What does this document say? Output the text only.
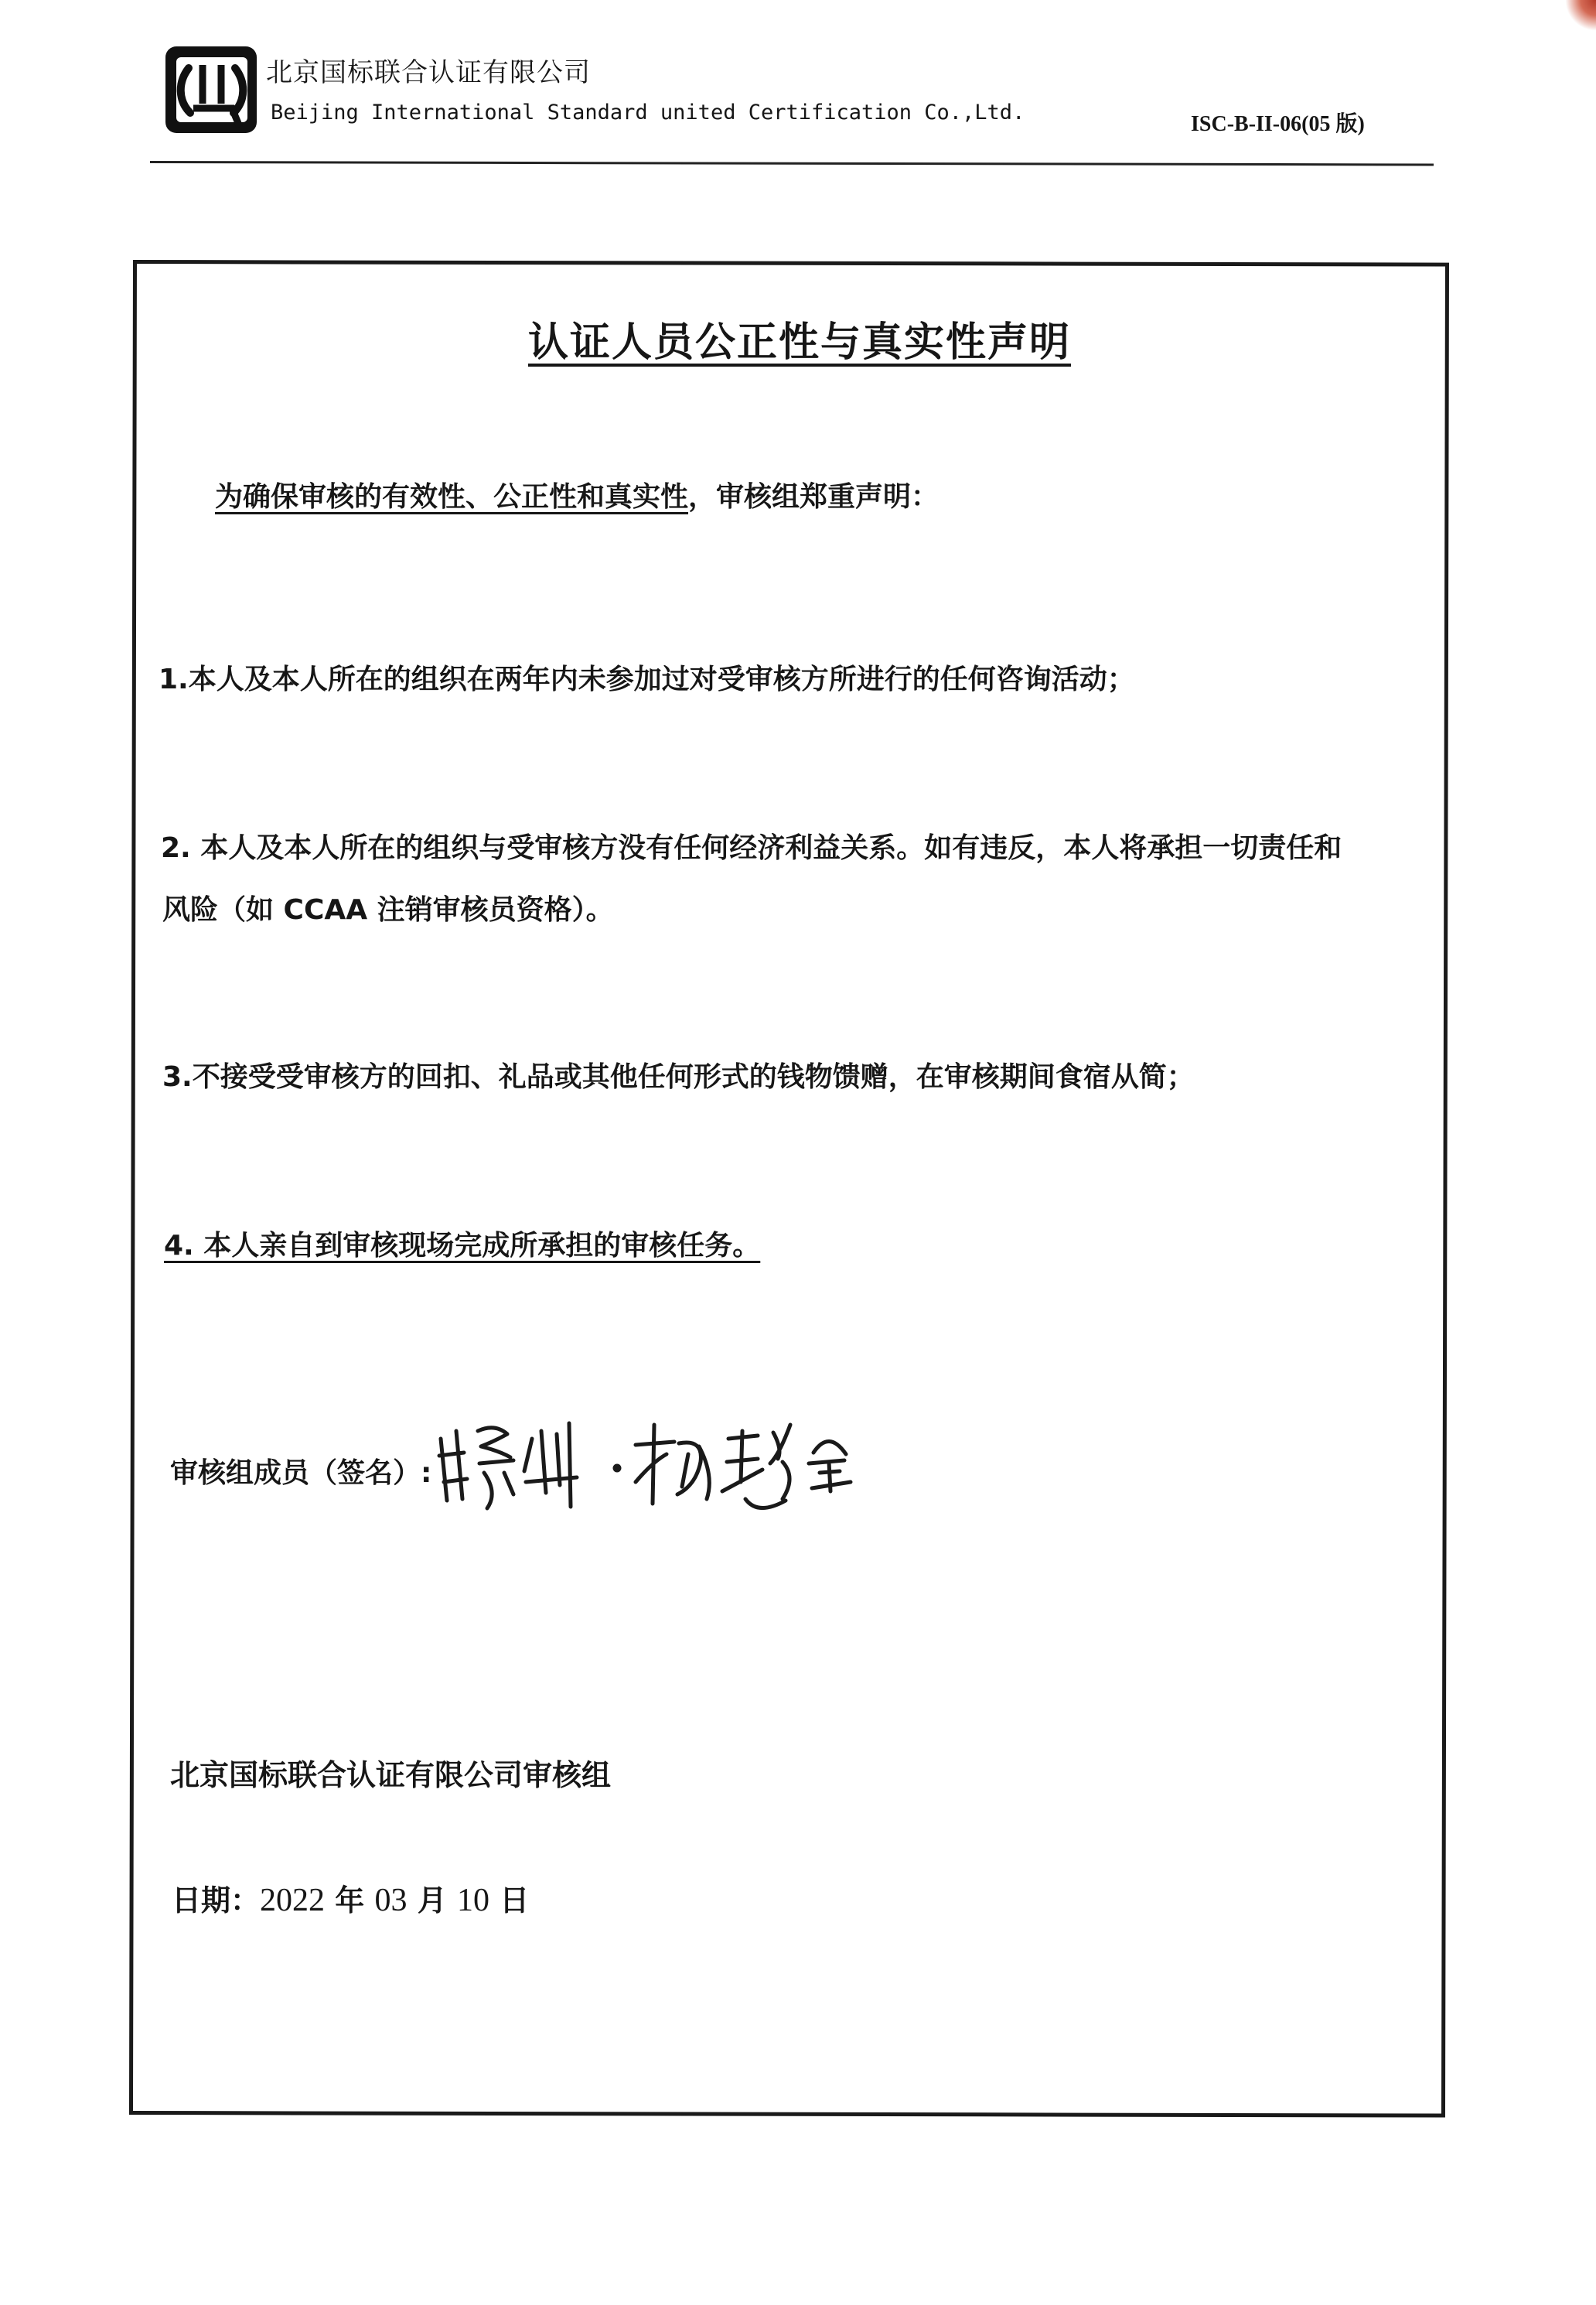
北京国标联合认证有限公司
Beijing International Standard united Certification Co.,Ltd.	ISC-B-II-06(05 版)
认证人员公正性与真实性声明
为确保审核的有效性、公正性和真实性，审核组郑重声明：
1.本人及本人所在的组织在两年内未参加过对受审核方所进行的任何咨询活动；
2. 本人及本人所在的组织与受审核方没有任何经济利益关系。如有违反，本人将承担一切责任和
风险（如 CCAA 注销审核员资格）。
3.不接受受审核方的回扣、礼品或其他任何形式的钱物馈赠，在审核期间食宿从简；
4. 本人亲自到审核现场完成所承担的审核任务。
审核组成员（签名）:
北京国标联合认证有限公司审核组
日期：2022 年 03 月 10 日
